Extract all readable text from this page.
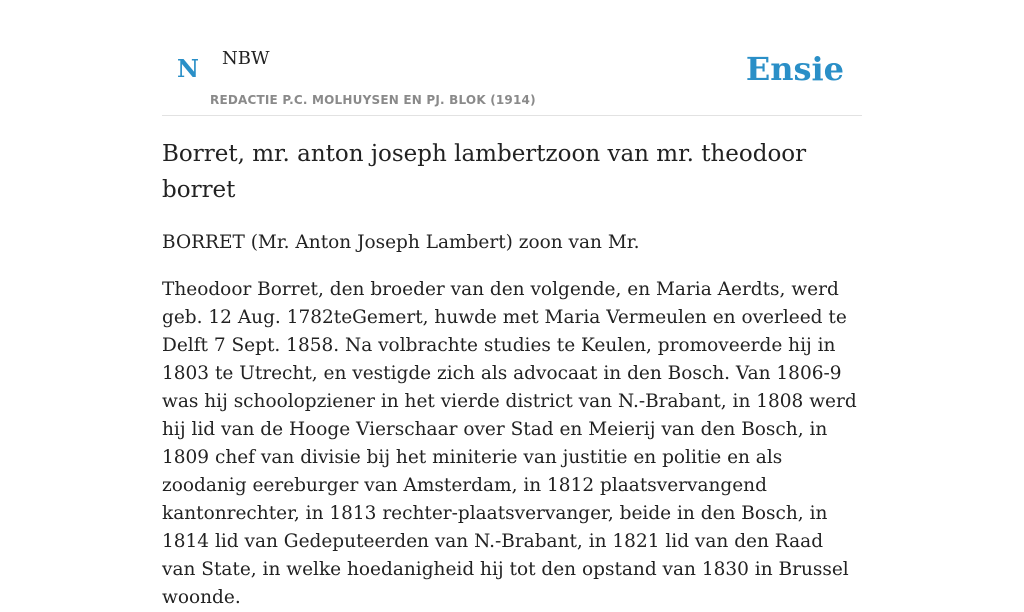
N NBW
REDACTIE P.C. MOLHUYSEN EN PJ. BLOK (1914)
Ensie
Borret, mr. anton joseph lambertzoon van mr. theodoor borret

BORRET (Mr. Anton Joseph Lambert) zoon van Mr.

Theodoor Borret, den broeder van den volgende, en Maria Aerdts, werd geb. 12 Aug. 1782teGemert, huwde met Maria Vermeulen en overleed te Delft 7 Sept. 1858. Na volbrachte studies te Keulen, promoveerde hij in 1803 te Utrecht, en vestigde zich als advocaat in den Bosch. Van 1806-9 was hij schoolopziener in het vierde district van N.-Brabant, in 1808 werd hij lid van de Hooge Vierschaar over Stad en Meierij van den Bosch, in 1809 chef van divisie bij het miniterie van justitie en politie en als zoodanig eereburger van Amsterdam, in 1812 plaatsvervangend kantonrechter, in 1813 rechter-plaatsvervanger, beide in den Bosch, in 1814 lid van Gedeputeerden van N.-Brabant, in 1821 lid van den Raad van State, in welke hoedanigheid hij tot den opstand van 1830 in Brussel woonde.
